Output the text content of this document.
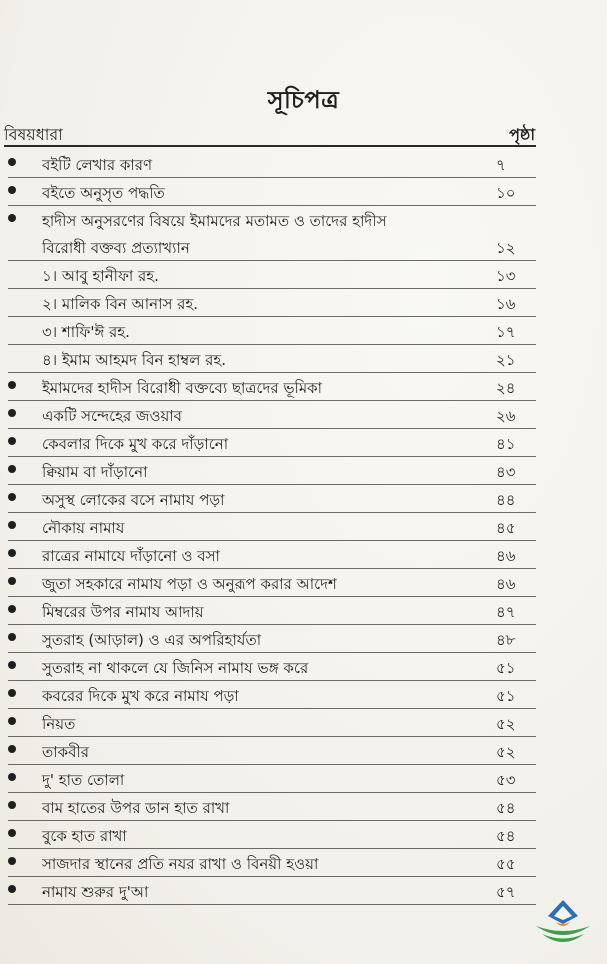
সূচিপত্র
বিষয়ধারা	পৃষ্ঠা
বইটি লেখার কারণ	৭
বইতে অনুসৃত পদ্ধতি	১০
হাদীস অনুসরণের বিষয়ে ইমামদের মতামত ও তাদের হাদীস
বিরোধী বক্তব্য প্রত্যাখ্যান	১২
১। আবু হানীফা রহ.	১৩
২। মালিক বিন আনাস রহ.	১৬
৩। শাফি'ঈ রহ.	১৭
৪। ইমাম আহমদ বিন হাম্বল রহ.	২১
ইমামদের হাদীস বিরোধী বক্তব্যে ছাত্রদের ভূমিকা	২৪
একটি সন্দেহের জওয়াব	২৬
কেবলার দিকে মুখ করে দাঁড়ানো	৪১
ক্বিয়াম বা দাঁড়ানো	৪৩
অসুস্থ লোকের বসে নামায পড়া	৪৪
নৌকায় নামায	৪৫
রাত্রের নামাযে দাঁড়ানো ও বসা	৪৬
জুতা সহকারে নামায পড়া ও অনুরূপ করার আদেশ	৪৬
মিম্বরের উপর নামায আদায়	৪৭
সুতরাহ (আড়াল) ও এর অপরিহার্যতা	৪৮
সুতরাহ না থাকলে যে জিনিস নামায ভঙ্গ করে	৫১
কবরের দিকে মুখ করে নামায পড়া	৫১
নিয়ত	৫২
তাকবীর	৫২
দু' হাত তোলা	৫৩
বাম হাতের উপর ডান হাত রাখা	৫৪
বুকে হাত রাখা	৫৪
সাজদার স্থানের প্রতি নযর রাখা ও বিনয়ী হওয়া	৫৫
নামায শুরুর দু'আ	৫৭
